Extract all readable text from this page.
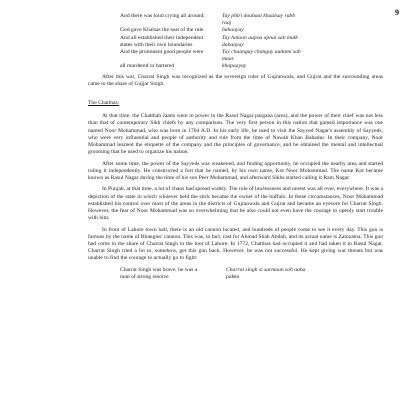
9
And there was loud crying all around;	Tay phiri douhaai khaalsay rabb raaj
God gave Khalsas the seat of the rule	bahaayay
And all established their independent	Tay haloon aapou apnai sab mulk
states with their own boundaries	dabaayay
And the prominent good people were	Tay chaangay changay aadami sab maar
all murdered or bartered	khapaayay

After this war, Charrat Singh was recognized as the sovereign ruler of Gujranwala, and Gujrat and the surrounding areas came to the share of Gujjar Singh.

The Chatthas:

At that time, the Chatthah Jaatts were in power in the Rasul Nagar pargana (area), and the power of their chief was not less than that of contemporary Sikh chiefs by any comparison. The very first person in this nation that gained importance was one named Noor Mohammad, who was born in 1704 A.D. In his early life, he used to visit the Sayyed Nagar's assembly of Sayyeds, who were very influential and people of authority and rule from the time of Nawab Khan Bahadur. In their company, Noor Mohammad learned the etiquette of the company and the principles of governance, and he obtained the mental and intellectual grooming that he used to organize his nation.

After some time, the power of the Sayyeds was weakened, and finding opportunity, he occupied the nearby area and started ruling it independently. He constructed a fort that he named, by his own name, Kot Noor Mohammad. The name Kot became known as Rasul Nagar during the time of his son Peer Mohammad, and afterward Sikhs started calling it Ram Nagar.

In Punjab, at that time, a lot of chaos had spread widely. The rule of lawlessness and unrest was all over, everywhere. It was a depiction of the state in which whoever held the stick became the owner of the buffalo. In these circumstances, Noor Mohammad established his control over most of the areas in the districts of Gujranwala and Gujrat and became an eyesore for Charrat Singh. However, the fear of Noor Mohammad was so overwhelming that he also could not even have the courage to openly start trouble with him.

In front of Lahore town hall, there is an old cannon located, and hundreds of people come to see it every day. This gun is famous by the name of Bhangies' cannon. This was, in fact, cast for Ahmad Shah Abdali, and its actual name is Zamzama. This gun had come in the share of Charrat Singh in the loot of Lahore. In 1772, Chatthas had occupied it and had taken it to Rasul Nagar. Charrat Singh tried a lot to, somehow, get this gun back. However, he was not successful. He kept giving war threats but was unable to find the courage to actually go to fight:

Charrat Singh was brave; he was a	Charrat singh si surmaan soh aaha
man of strong resolve	pakka
